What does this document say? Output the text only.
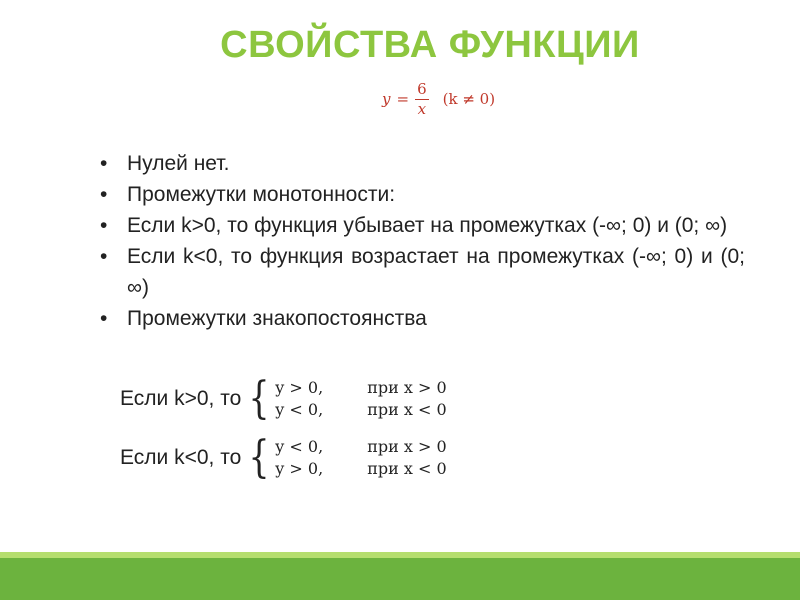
СВОЙСТВА ФУНКЦИИ
$y = \frac{6}{x} (k \ne 0)$
• Нулей нет.
• Промежутки монотонности:
• Если k>0, то функция убывает на промежутках (-∞; 0) и (0; ∞)
• Если k<0, то функция возрастает на промежутках (-∞; 0) и (0; ∞)
• Промежутки знакопостоянства
Если k>0, то { y > 0,	при x > 0
y < 0,	при x < 0
Если k<0, то { y < 0,	при x > 0
y > 0,	при x < 0
